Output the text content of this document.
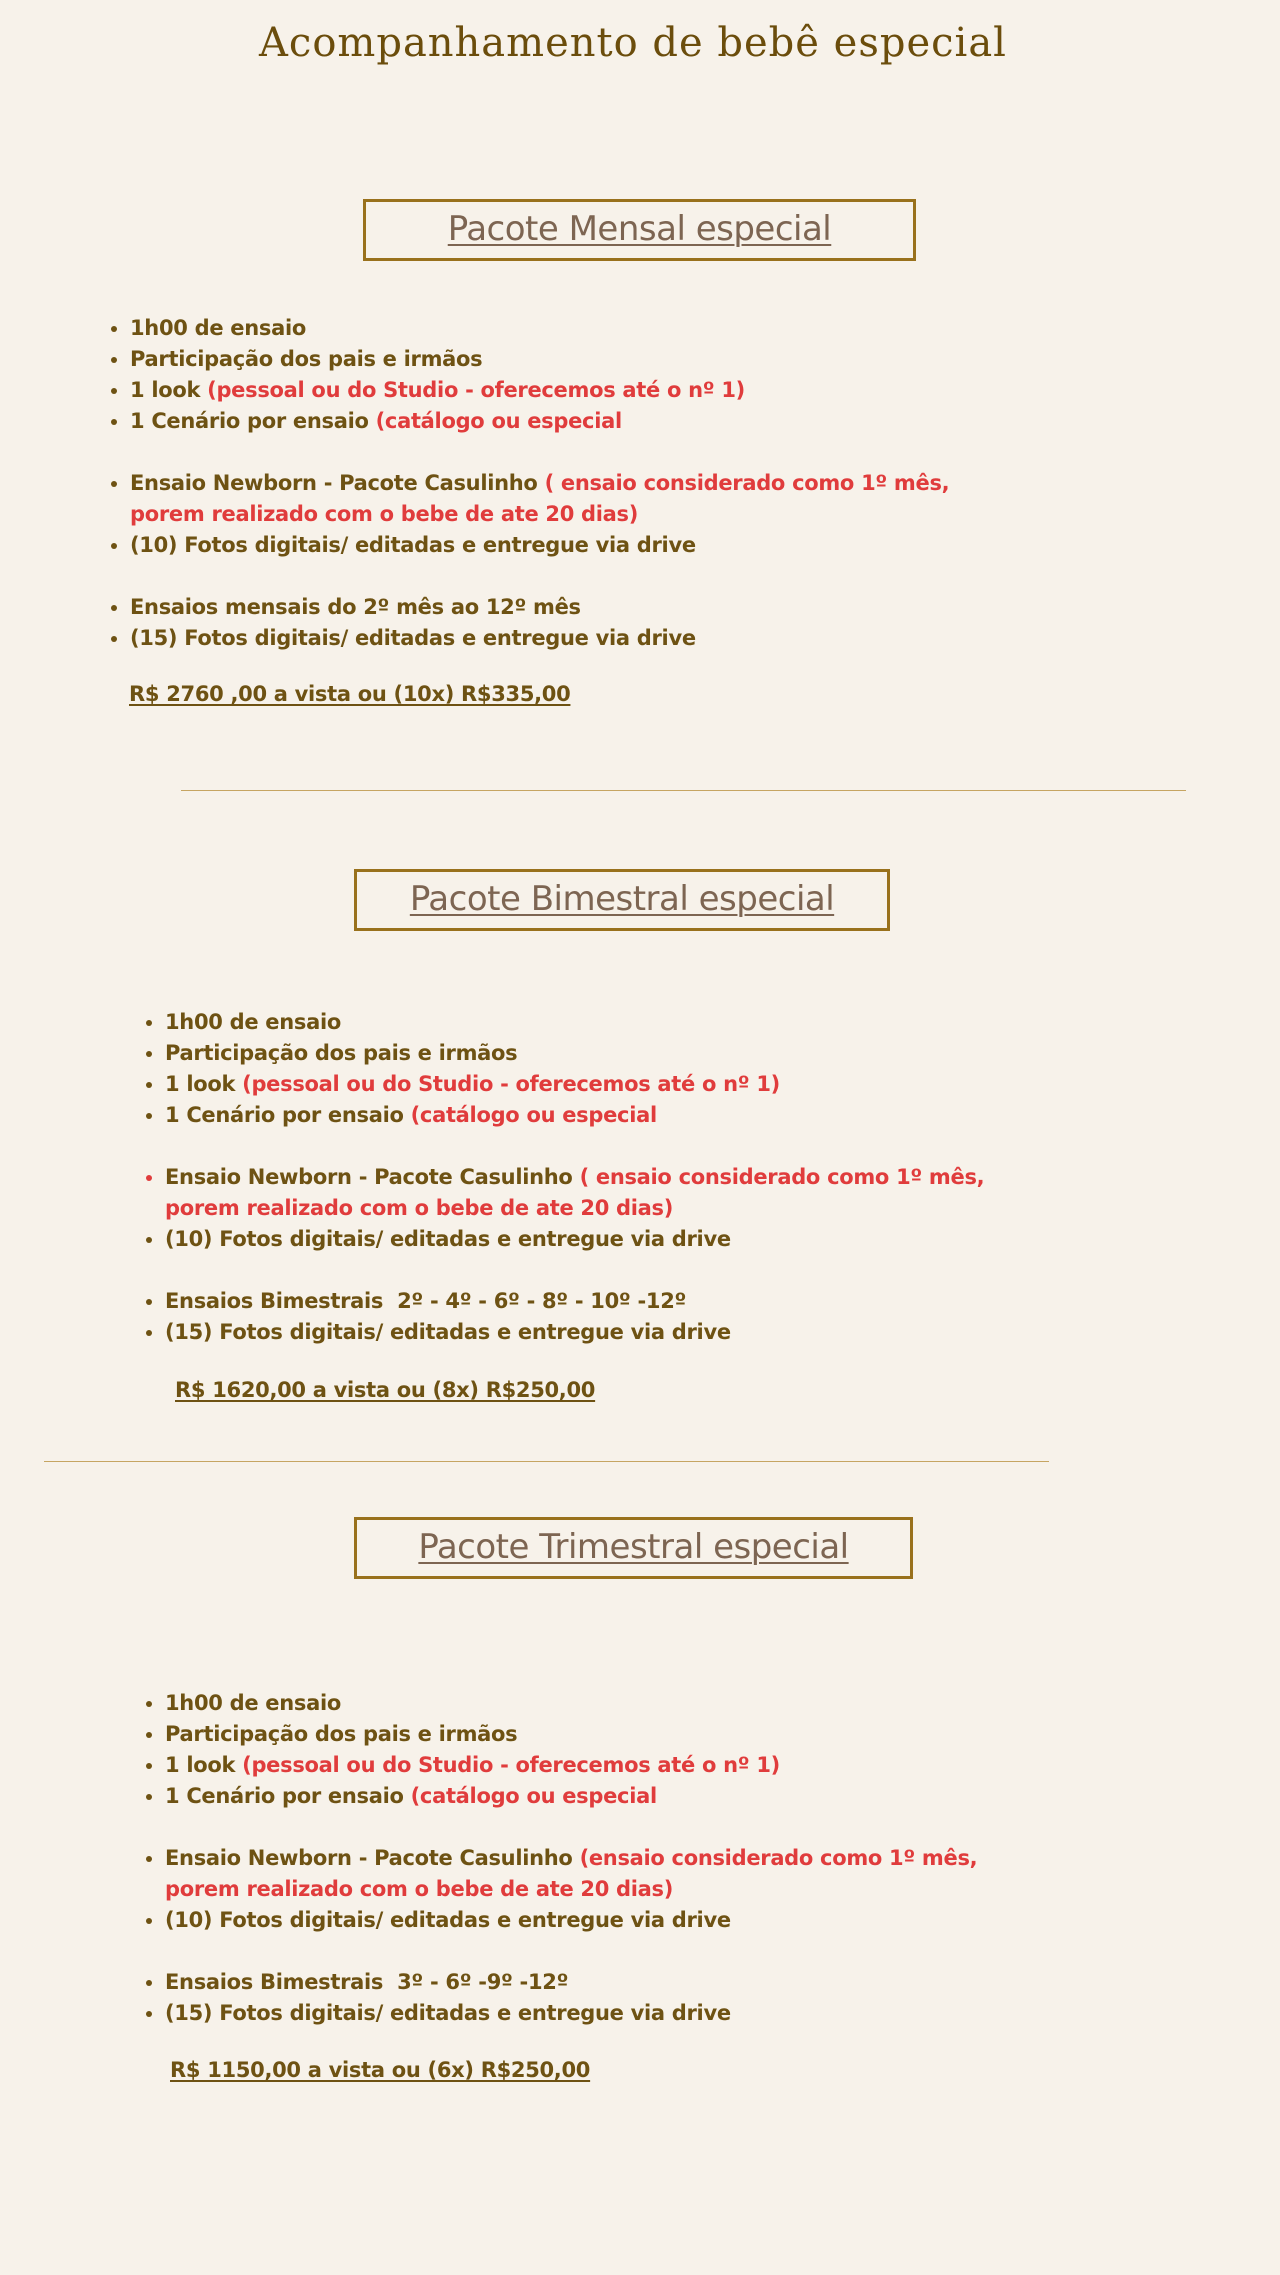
Acompanhamento de bebê especial
Pacote Mensal especial
• 1h00 de ensaio
• Participação dos pais e irmãos
• 1 look (pessoal ou do Studio - oferecemos até o nº 1)
• 1 Cenário por ensaio (catálogo ou especial
• Ensaio Newborn - Pacote Casulinho ( ensaio considerado como 1º mês, porem realizado com o bebe de ate 20 dias)
• (10) Fotos digitais/ editadas e entregue via drive
• Ensaios mensais do 2º mês ao 12º mês
• (15) Fotos digitais/ editadas e entregue via drive
R$ 2760 ,00 a vista ou (10x) R$335,00
Pacote Bimestral especial
• 1h00 de ensaio
• Participação dos pais e irmãos
• 1 look (pessoal ou do Studio - oferecemos até o nº 1)
• 1 Cenário por ensaio (catálogo ou especial
• Ensaio Newborn - Pacote Casulinho ( ensaio considerado como 1º mês, porem realizado com o bebe de ate 20 dias)
• (10) Fotos digitais/ editadas e entregue via drive
• Ensaios Bimestrais  2º - 4º - 6º - 8º - 10º -12º
• (15) Fotos digitais/ editadas e entregue via drive
R$ 1620,00 a vista ou (8x) R$250,00
Pacote Trimestral especial
• 1h00 de ensaio
• Participação dos pais e irmãos
• 1 look (pessoal ou do Studio - oferecemos até o nº 1)
• 1 Cenário por ensaio (catálogo ou especial
• Ensaio Newborn - Pacote Casulinho (ensaio considerado como 1º mês, porem realizado com o bebe de ate 20 dias)
• (10) Fotos digitais/ editadas e entregue via drive
• Ensaios Bimestrais  3º - 6º -9º -12º
• (15) Fotos digitais/ editadas e entregue via drive
R$ 1150,00 a vista ou (6x) R$250,00
